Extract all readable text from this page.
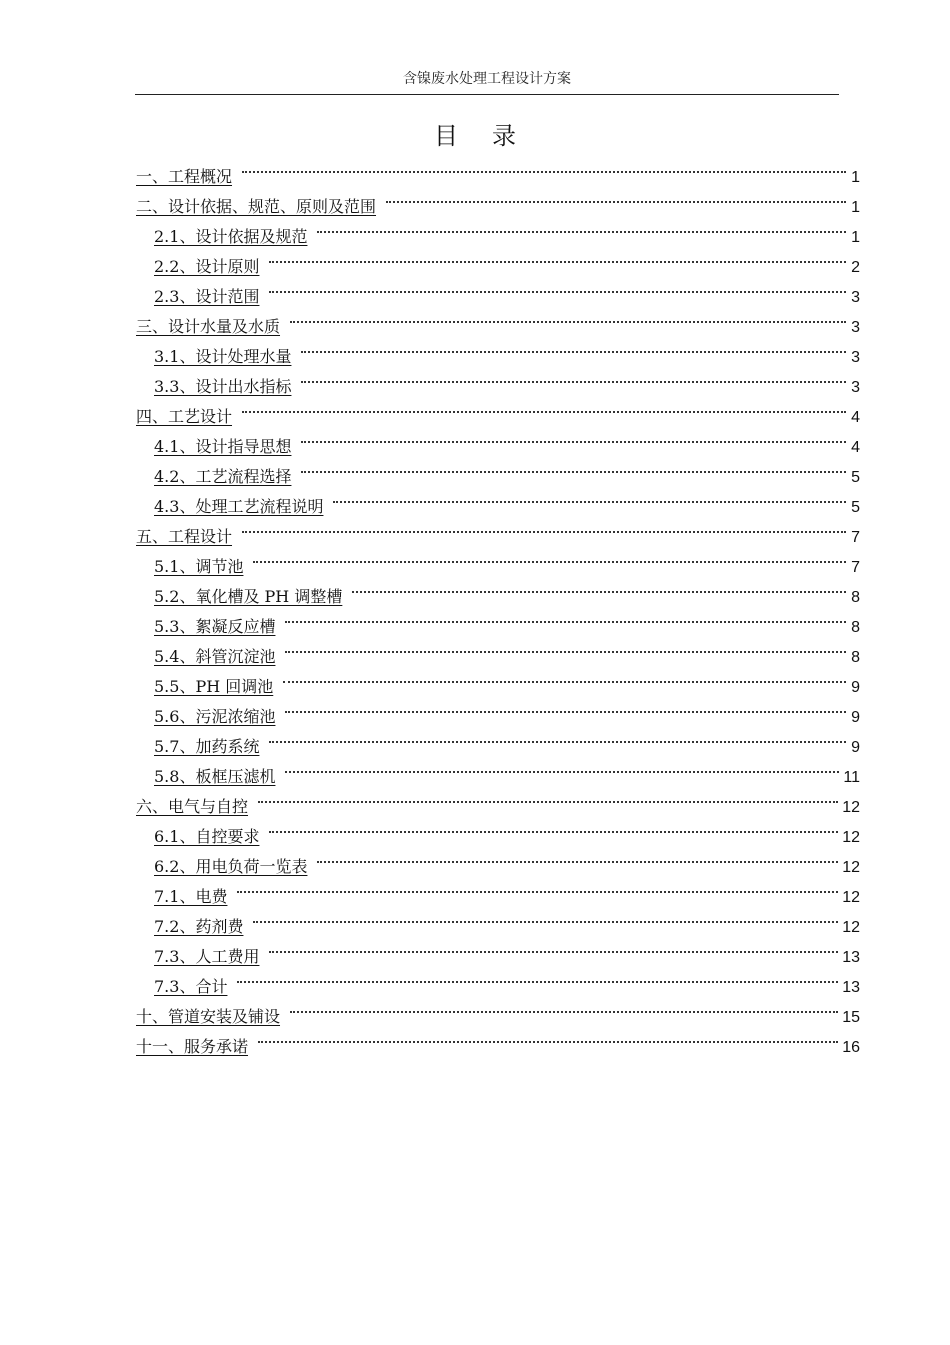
含镍废水处理工程设计方案
目录
一、工程概况	1
二、设计依据、规范、原则及范围	1
2.1、设计依据及规范	1
2.2、设计原则	2
2.3、设计范围	3
三、设计水量及水质	3
3.1、设计处理水量	3
3.3、设计出水指标	3
四、工艺设计	4
4.1、设计指导思想	4
4.2、工艺流程选择	5
4.3、处理工艺流程说明	5
五、工程设计	7
5.1、调节池	7
5.2、氧化槽及 PH 调整槽	8
5.3、絮凝反应槽	8
5.4、斜管沉淀池	8
5.5、PH 回调池	9
5.6、污泥浓缩池	9
5.7、加药系统	9
5.8、板框压滤机	11
六、电气与自控	12
6.1、自控要求	12
6.2、用电负荷一览表	12
7.1、电费	12
7.2、药剂费	12
7.3、人工费用	13
7.3、合计	13
十、管道安装及铺设	15
十一、服务承诺	16
